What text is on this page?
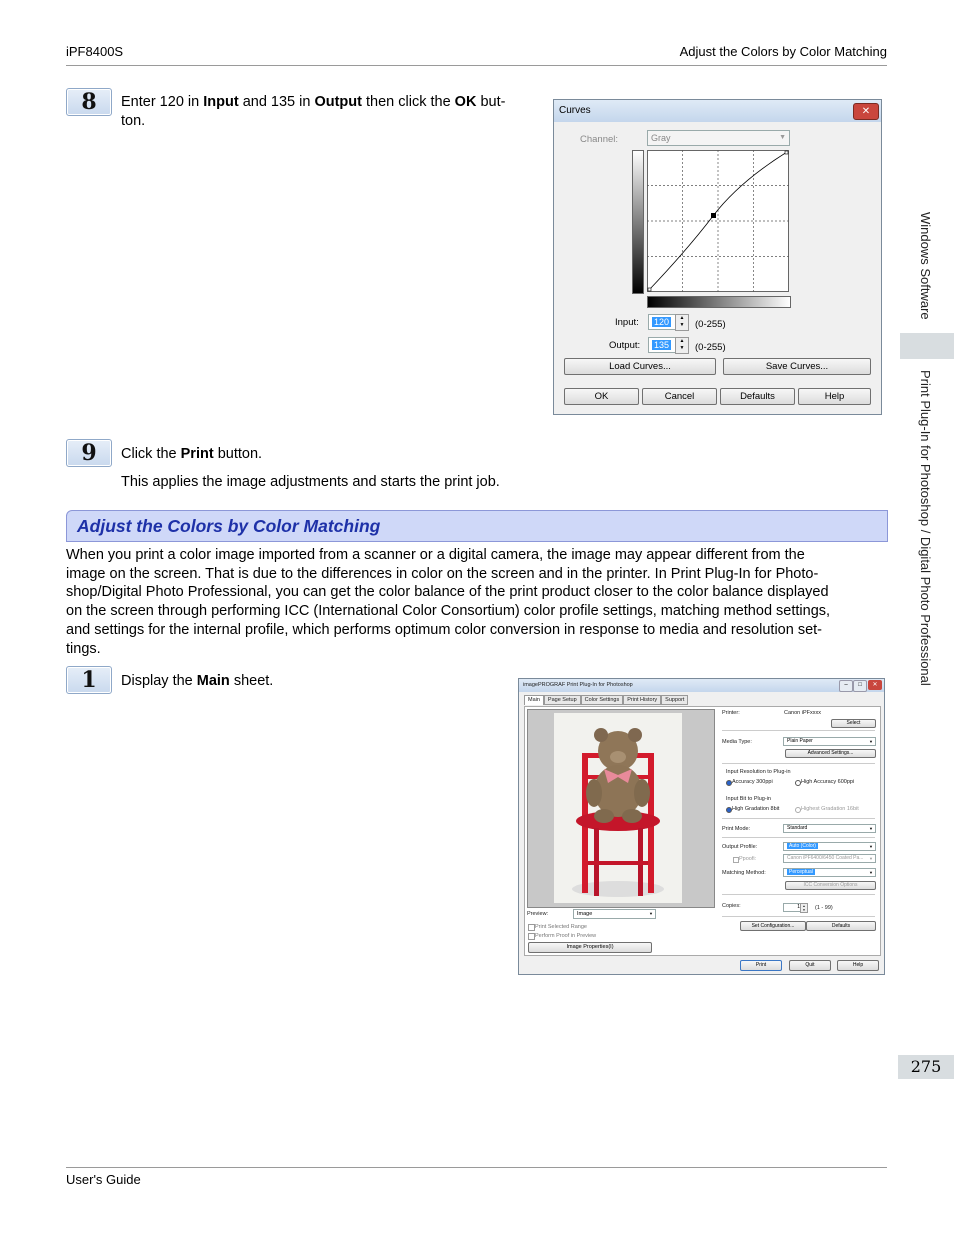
iPF8400S	Adjust the Colors by Color Matching
Windows Software
Print Plug-In for Photoshop / Digital Photo Professional
275
8	Enter 120 in Input and 135 in Output then click the OK but-
ton.
Curves	✕
Channel:	Gray	▼
Input:	120	▲
▼	(0-255)
Output:	135	▲
▼	(0-255)
Load Curves...	Save Curves...
OK	Cancel	Defaults	Help
9	Click the Print button.
This applies the image adjustments and starts the print job.
Adjust the Colors by Color Matching
When you print a color image imported from a scanner or a digital camera, the image may appear different from the
image on the screen. That is due to the differences in color on the screen and in the printer. In Print Plug-In for Photo-
shop/Digital Photo Professional, you can get the color balance of the print product closer to the color balance displayed
on the screen through performing ICC (International Color Consortium) color profile settings, matching method settings,
and settings for the internal profile, which performs optimum color conversion in response to media and resolution set-
tings.
1	Display the Main sheet.	imagePROGRAF Print Plug-In for Photoshop	✕
□
–
Main	Page Setup	Color Settings	Print History	Support
Preview:	Image	▼
Print Selected Range
Perform Proof in Preview
Image Properties(I)
Printer:	Canon iPFxxxx
Select
Media Type:	Plain Paper	▼
Advanced Settings...
Input Resolution to Plug-in
Accuracy 300ppi	High Accuracy 600ppi
Input Bit to Plug-in
High Gradation 8bit	Highest Gradation 16bit
Print Mode:	Standard	▼
Output Profile:	Auto (Color)	▼
Ppoofi:	Canon iPF6400/6450 Coated Pa... ▼
Matching Method:	Perceptual	▼
ICC Conversion Options
Copies:	1 ▲
▼	(1 - 99)
Set Configuration...	Defaults
Print	Quit	Help
User's Guide
